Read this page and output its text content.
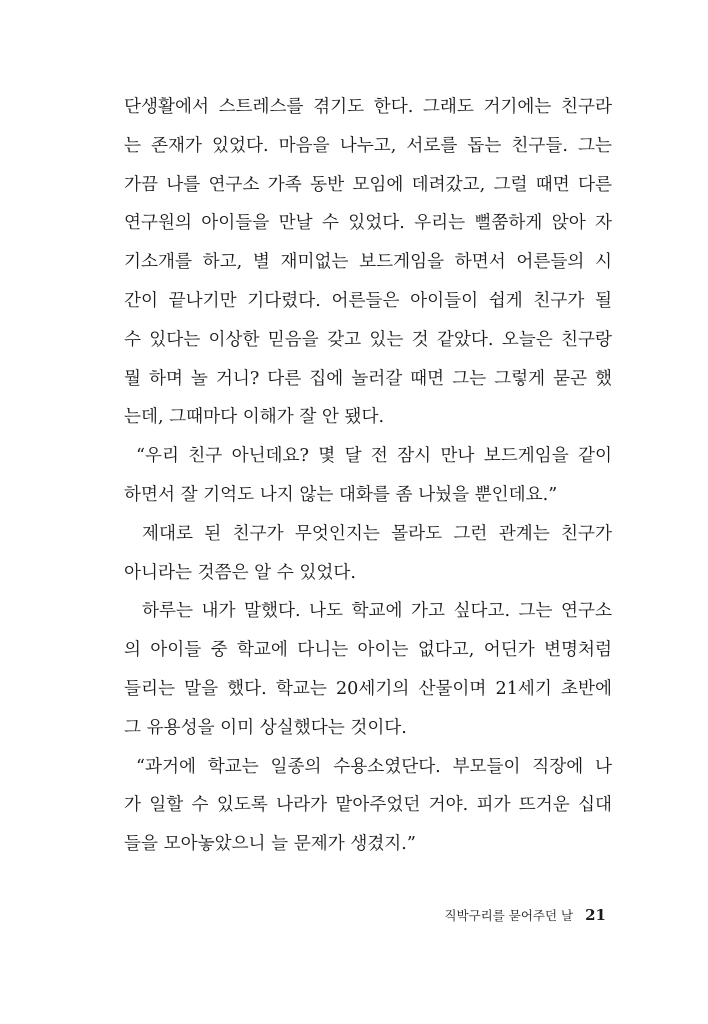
단생활에서 스트레스를 겪기도 한다. 그래도 거기에는 친구라
는 존재가 있었다. 마음을 나누고, 서로를 돕는 친구들. 그는
가끔 나를 연구소 가족 동반 모임에 데려갔고, 그럴 때면 다른
연구원의 아이들을 만날 수 있었다. 우리는 뻘쭘하게 앉아 자
기소개를 하고, 별 재미없는 보드게임을 하면서 어른들의 시
간이 끝나기만 기다렸다. 어른들은 아이들이 쉽게 친구가 될
수 있다는 이상한 믿음을 갖고 있는 것 같았다. 오늘은 친구랑
뭘 하며 놀 거니? 다른 집에 놀러갈 때면 그는 그렇게 묻곤 했
는데, 그때마다 이해가 잘 안 됐다.
“우리 친구 아닌데요? 몇 달 전 잠시 만나 보드게임을 같이
하면서 잘 기억도 나지 않는 대화를 좀 나눴을 뿐인데요.”
제대로 된 친구가 무엇인지는 몰라도 그런 관계는 친구가
아니라는 것쯤은 알 수 있었다.
하루는 내가 말했다. 나도 학교에 가고 싶다고. 그는 연구소
의 아이들 중 학교에 다니는 아이는 없다고, 어딘가 변명처럼
들리는 말을 했다. 학교는 20세기의 산물이며 21세기 초반에
그 유용성을 이미 상실했다는 것이다.
“과거에 학교는 일종의 수용소였단다. 부모들이 직장에 나
가 일할 수 있도록 나라가 맡아주었던 거야. 피가 뜨거운 십대
들을 모아놓았으니 늘 문제가 생겼지.”
직박구리를 묻어주던 날 21
